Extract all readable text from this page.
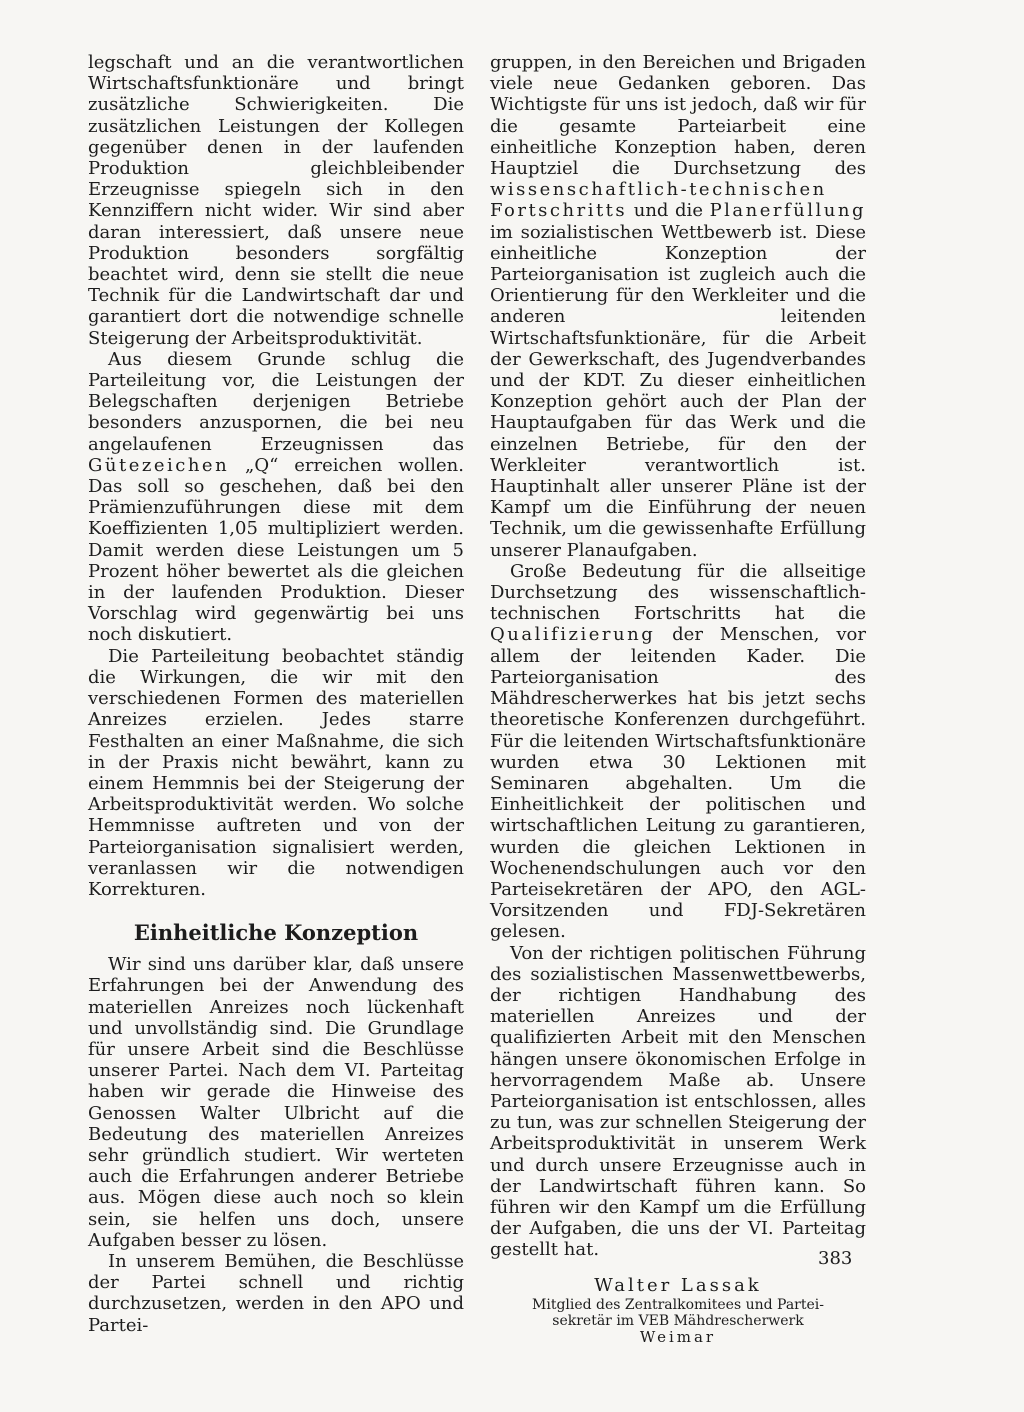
legschaft und an die verantwortlichen Wirtschaftsfunktionäre und bringt zusätzliche Schwierigkeiten. Die zusätzlichen Leistungen der Kollegen gegenüber denen in der laufenden Produktion gleichbleibender Erzeugnisse spiegeln sich in den Kennziffern nicht wider. Wir sind aber daran interessiert, daß unsere neue Produktion besonders sorgfältig beachtet wird, denn sie stellt die neue Technik für die Landwirtschaft dar und garantiert dort die notwendige schnelle Steigerung der Arbeitsproduktivität.

Aus diesem Grunde schlug die Parteileitung vor, die Leistungen der Belegschaften derjenigen Betriebe besonders anzuspornen, die bei neu angelaufenen Erzeugnissen das Gütezeichen „Q“ erreichen wollen. Das soll so geschehen, daß bei den Prämienzuführungen diese mit dem Koeffizienten 1,05 multipliziert werden. Damit werden diese Leistungen um 5 Prozent höher bewertet als die gleichen in der laufenden Produktion. Dieser Vorschlag wird gegenwärtig bei uns noch diskutiert.

Die Parteileitung beobachtet ständig die Wirkungen, die wir mit den verschiedenen Formen des materiellen Anreizes erzielen. Jedes starre Festhalten an einer Maßnahme, die sich in der Praxis nicht bewährt, kann zu einem Hemmnis bei der Steigerung der Arbeitsproduktivität werden. Wo solche Hemmnisse auftreten und von der Parteiorganisation signalisiert werden, veranlassen wir die notwendigen Korrekturen.

Einheitliche Konzeption

Wir sind uns darüber klar, daß unsere Erfahrungen bei der Anwendung des materiellen Anreizes noch lückenhaft und unvollständig sind. Die Grundlage für unsere Arbeit sind die Beschlüsse unserer Partei. Nach dem VI. Parteitag haben wir gerade die Hinweise des Genossen Walter Ulbricht auf die Bedeutung des materiellen Anreizes sehr gründlich studiert. Wir werteten auch die Erfahrungen anderer Betriebe aus. Mögen diese auch noch so klein sein, sie helfen uns doch, unsere Aufgaben besser zu lösen.

In unserem Bemühen, die Beschlüsse der Partei schnell und richtig durchzusetzen, werden in den APO und Partei-

gruppen, in den Bereichen und Brigaden viele neue Gedanken geboren. Das Wichtigste für uns ist jedoch, daß wir für die gesamte Parteiarbeit eine einheitliche Konzeption haben, deren Hauptziel die Durchsetzung des wissenschaftlich-technischen Fortschritts und die Planerfüllung im sozialistischen Wettbewerb ist. Diese einheitliche Konzeption der Parteiorganisation ist zugleich auch die Orientierung für den Werkleiter und die anderen leitenden Wirtschaftsfunktionäre, für die Arbeit der Gewerkschaft, des Jugendverbandes und der KDT. Zu dieser einheitlichen Konzeption gehört auch der Plan der Hauptaufgaben für das Werk und die einzelnen Betriebe, für den der Werkleiter verantwortlich ist. Hauptinhalt aller unserer Pläne ist der Kampf um die Einführung der neuen Technik, um die gewissenhafte Erfüllung unserer Planaufgaben.

Große Bedeutung für die allseitige Durchsetzung des wissenschaftlich-technischen Fortschritts hat die Qualifizierung der Menschen, vor allem der leitenden Kader. Die Parteiorganisation des Mähdrescherwerkes hat bis jetzt sechs theoretische Konferenzen durchgeführt. Für die leitenden Wirtschaftsfunktionäre wurden etwa 30 Lektionen mit Seminaren abgehalten. Um die Einheitlichkeit der politischen und wirtschaftlichen Leitung zu garantieren, wurden die gleichen Lektionen in Wochenendschulungen auch vor den Parteisekretären der APO, den AGL-Vorsitzenden und FDJ-Sekretären gelesen.

Von der richtigen politischen Führung des sozialistischen Massenwettbewerbs, der richtigen Handhabung des materiellen Anreizes und der qualifizierten Arbeit mit den Menschen hängen unsere ökonomischen Erfolge in hervorragendem Maße ab. Unsere Parteiorganisation ist entschlossen, alles zu tun, was zur schnellen Steigerung der Arbeitsproduktivität in unserem Werk und durch unsere Erzeugnisse auch in der Landwirtschaft führen kann. So führen wir den Kampf um die Erfüllung der Aufgaben, die uns der VI. Parteitag gestellt hat.

Walter Lassak
Mitglied des Zentralkomitees und Partei-
sekretär im VEB Mähdrescherwerk
Weimar
383
